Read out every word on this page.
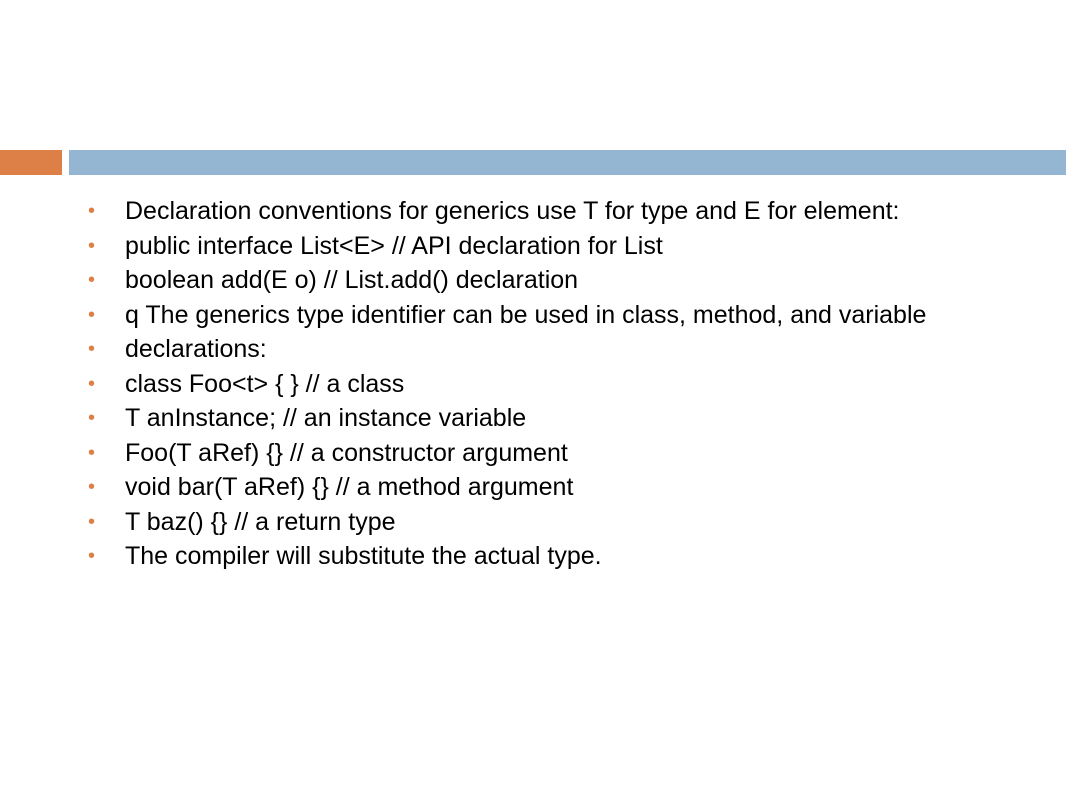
• Declaration conventions for generics use T for type and E for element:
• public interface List<E> // API declaration for List
• boolean add(E o) // List.add() declaration
• q The generics type identifier can be used in class, method, and variable
• declarations:
• class Foo<t> { } // a class
• T anInstance; // an instance variable
• Foo(T aRef) {} // a constructor argument
• void bar(T aRef) {} // a method argument
• T baz() {} // a return type
• The compiler will substitute the actual type.
